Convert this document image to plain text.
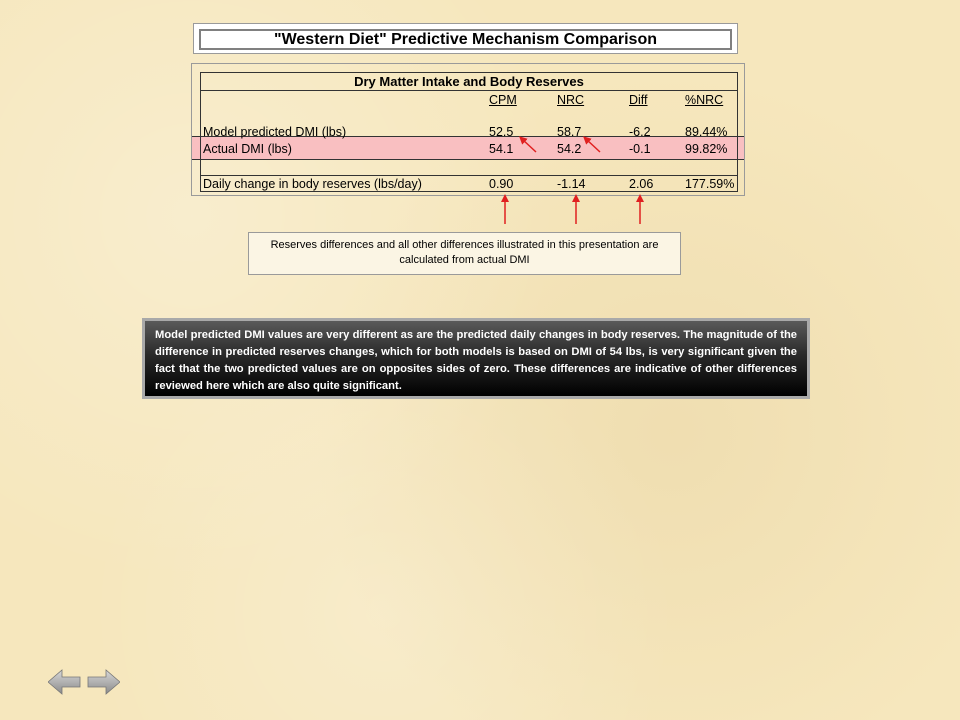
"Western Diet" Predictive Mechanism Comparison
Dry Matter Intake and Body Reserves
CPM	NRC	Diff	%NRC
Model predicted DMI (lbs)	52.5	58.7	-6.2	89.44%
Actual DMI (lbs)	54.1	54.2	-0.1	99.82%
Daily change in body reserves (lbs/day)	0.90	-1.14	2.06	177.59%
Reserves differences and all other differences illustrated in this presentation are calculated from actual DMI
Model predicted DMI values are very different as are the predicted daily changes in body reserves. The magnitude of the difference in predicted reserves changes, which for both models is based on DMI of 54 lbs, is very significant given the fact that the two predicted values are on opposites sides of zero. These differences are indicative of other differences reviewed here which are also quite significant.
